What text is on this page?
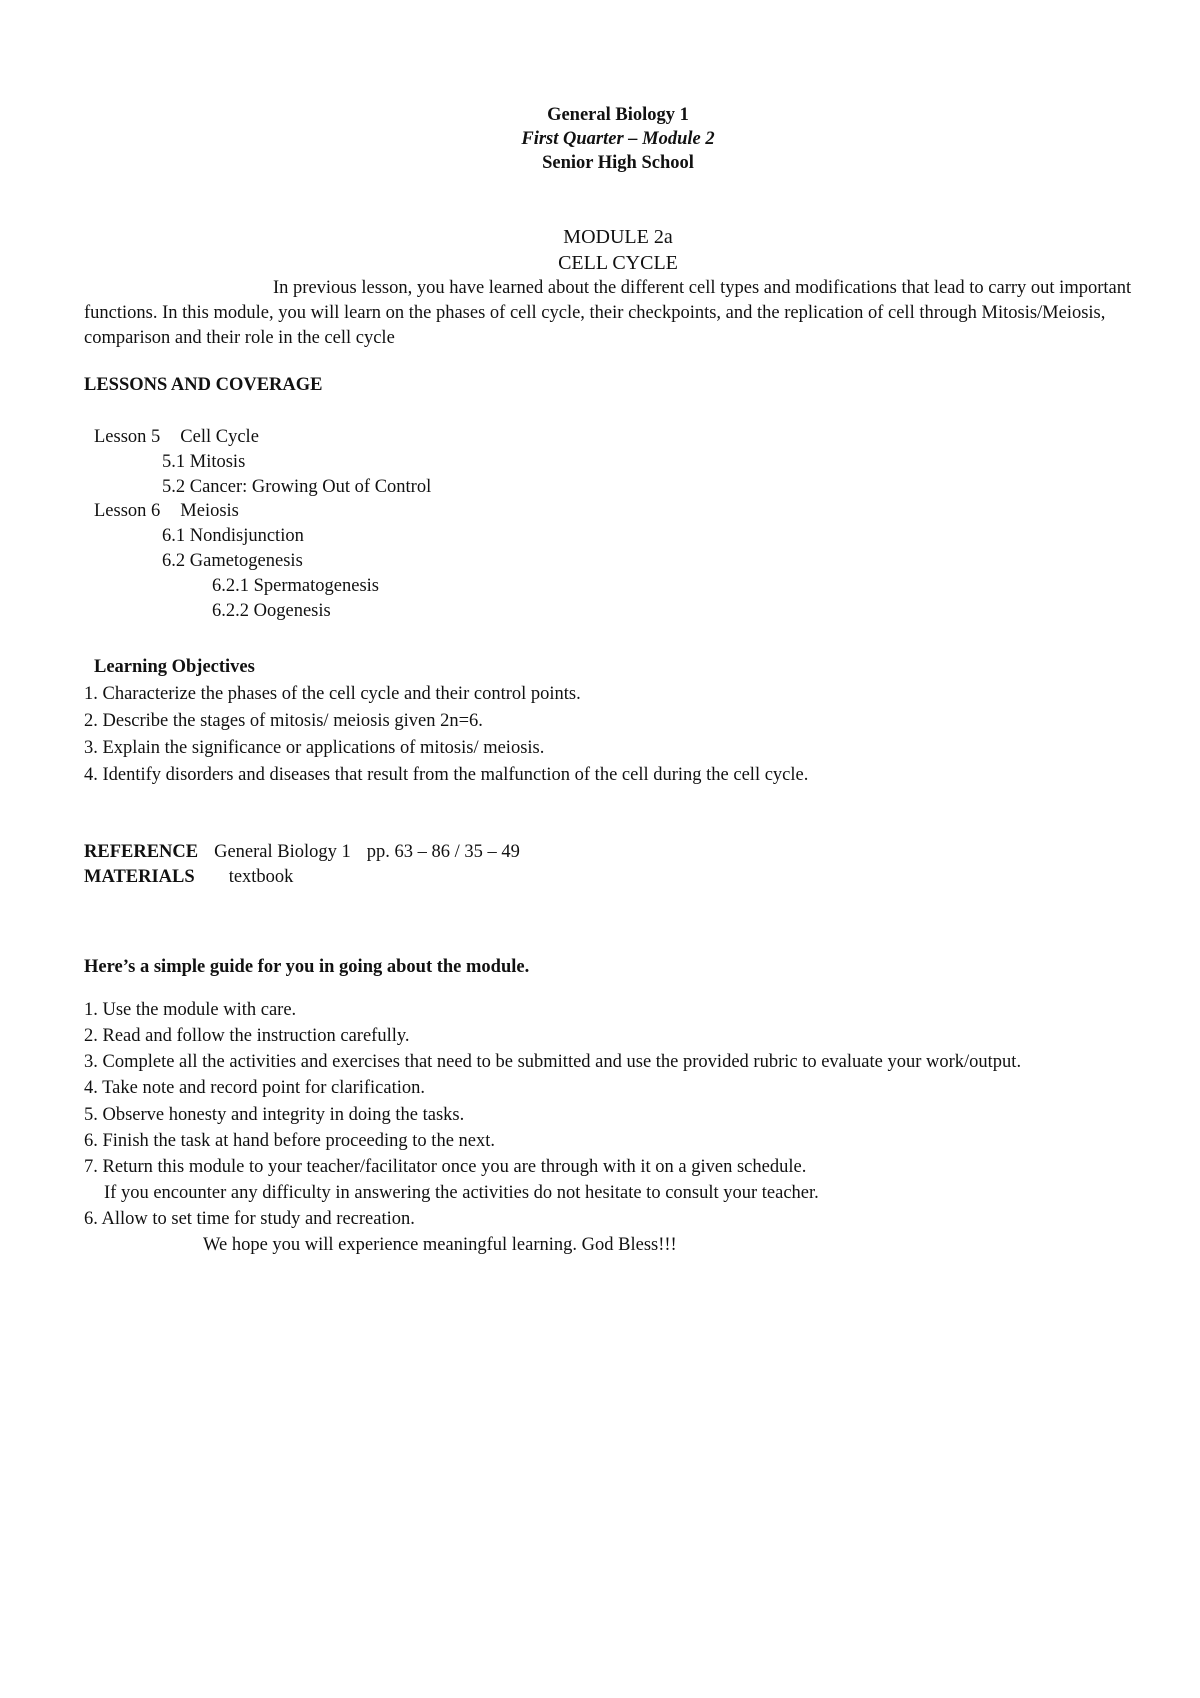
General Biology 1
First Quarter – Module 2
Senior High School
MODULE 2a
CELL CYCLE
In previous lesson, you have learned about the different cell types and modifications that lead to carry out important functions. In this module, you will learn on the phases of cell cycle, their checkpoints, and the replication of cell through Mitosis/Meiosis, comparison and their role in the cell cycle
LESSONS AND COVERAGE
Lesson 5 Cell Cycle
5.1 Mitosis
5.2 Cancer: Growing Out of Control
Lesson 6 Meiosis
6.1 Nondisjunction
6.2 Gametogenesis
6.2.1 Spermatogenesis
6.2.2 Oogenesis
Learning Objectives
1. Characterize the phases of the cell cycle and their control points.
2. Describe the stages of mitosis/ meiosis given 2n=6.
3. Explain the significance or applications of mitosis/ meiosis.
4. Identify disorders and diseases that result from the malfunction of the cell during the cell cycle.
REFERENCE General Biology 1 pp. 63 – 86 / 35 – 49
MATERIALS textbook
Here’s a simple guide for you in going about the module.
1. Use the module with care.
2. Read and follow the instruction carefully.
3. Complete all the activities and exercises that need to be submitted and use the provided rubric to evaluate your work/output.
4. Take note and record point for clarification.
5. Observe honesty and integrity in doing the tasks.
6. Finish the task at hand before proceeding to the next.
7. Return this module to your teacher/facilitator once you are through with it on a given schedule.
If you encounter any difficulty in answering the activities do not hesitate to consult your teacher.
6. Allow to set time for study and recreation.
We hope you will experience meaningful learning. God Bless!!!
